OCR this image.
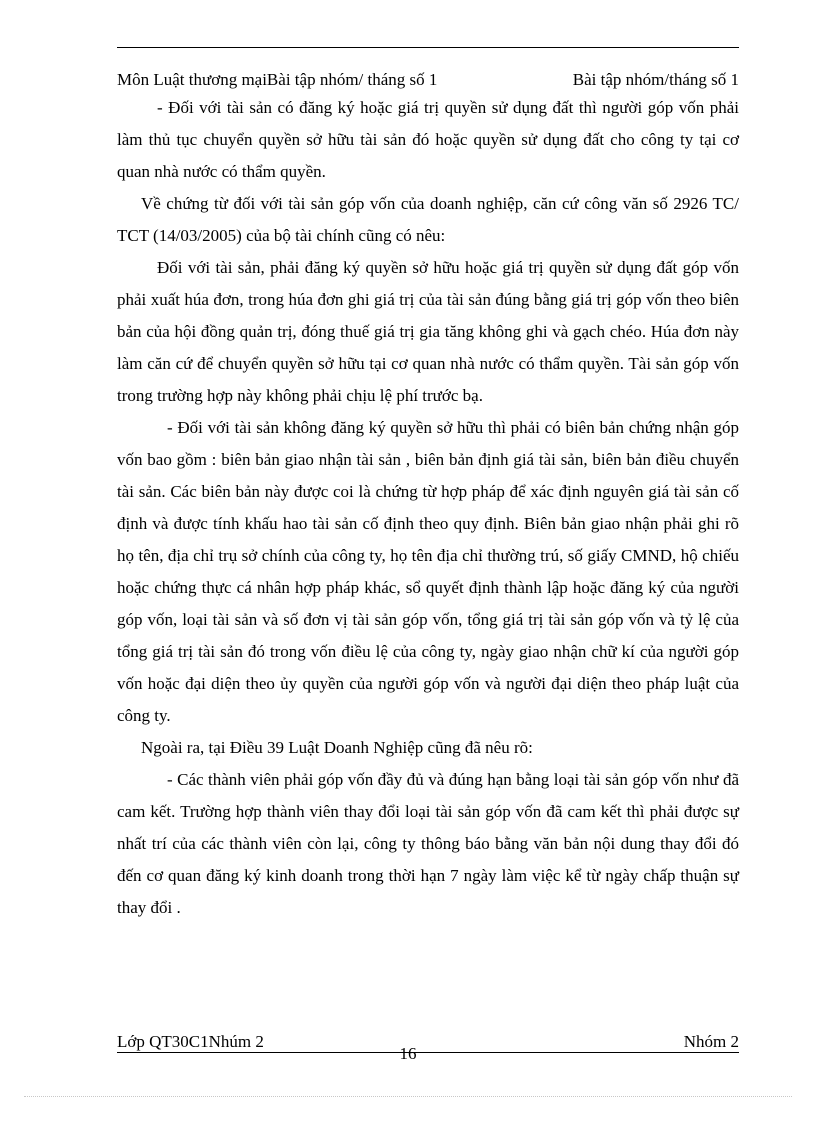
Môn Luật thương mạiBài tập nhóm/ tháng số 1	Bài tập nhóm/tháng số 1

- Đối với tài sản có đăng ký hoặc giá trị quyền sử dụng đất thì người góp vốn phải làm thủ tục chuyển quyền sở hữu tài sản đó hoặc quyền sử dụng đất cho công ty tại cơ quan nhà nước có thẩm quyền.

Về chứng từ đối với tài sản góp vốn của doanh nghiệp, căn cứ công văn số 2926 TC/ TCT (14/03/2005) của bộ tài chính cũng có nêu:

Đối với tài sản, phải đăng ký quyền sở hữu hoặc giá trị quyền sử dụng đất góp vốn phải xuất húa đơn, trong húa đơn ghi giá trị của tài sản đúng bằng giá trị góp vốn theo biên bản của hội đồng quản trị, đóng thuế giá trị gia tăng không ghi và gạch chéo. Húa đơn này làm căn cứ để chuyển quyền sở hữu tại cơ quan nhà nước có thẩm quyền. Tài sản góp vốn trong trường hợp này không phải chịu lệ phí trước bạ.

- Đối với tài sản không đăng ký quyền sở hữu thì phải có biên bản chứng nhận góp vốn bao gồm : biên bản giao nhận tài sản , biên bản định giá tài sản, biên bản điều chuyển tài sản. Các biên bản này được coi là chứng từ hợp pháp để xác định nguyên giá tài sản cố định và được tính khấu hao tài sản cố định theo quy định. Biên bản giao nhận phải ghi rõ họ tên, địa chỉ trụ sở chính của công ty, họ tên địa chỉ thường trú, số giấy CMND, hộ chiếu hoặc chứng thực cá nhân hợp pháp khác, sổ quyết định thành lập hoặc đăng ký của người góp vốn, loại tài sản và số đơn vị tài sản góp vốn, tổng giá trị tài sản góp vốn và tỷ lệ của tổng giá trị tài sản đó trong vốn điều lệ của công ty, ngày giao nhận chữ kí của người góp vốn hoặc đại diện theo ủy quyền của người góp vốn và người đại diện theo pháp luật của công ty.

Ngoài ra, tại Điều 39 Luật Doanh Nghiệp cũng đã nêu rõ:

- Các thành viên phải góp vốn đầy đủ và đúng hạn bằng loại tài sản góp vốn như đã cam kết. Trường hợp thành viên thay đổi loại tài sản góp vốn đã cam kết thì phải được sự nhất trí của các thành viên còn lại, công ty thông báo bằng văn bản nội dung thay đổi đó đến cơ quan đăng ký kinh doanh trong thời hạn 7 ngày làm việc kể từ ngày chấp thuận sự thay đổi .

Lớp QT30C1Nhúm 2	Nhóm 2
16
